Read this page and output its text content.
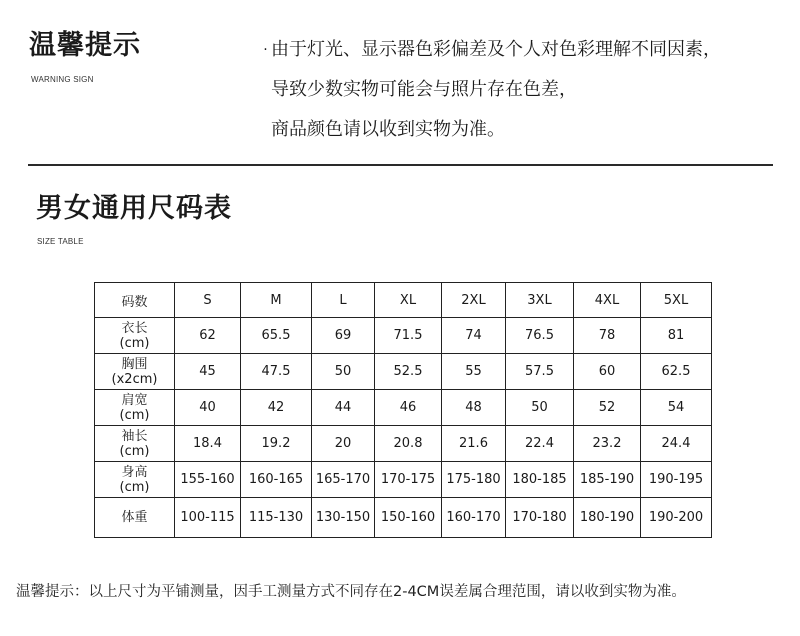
温馨提示
WARNING SIGN
· 由于灯光、显示器色彩偏差及个人对色彩理解不同因素，
导致少数实物可能会与照片存在色差，
商品颜色请以收到实物为准。
男女通用尺码表
SIZE TABLE
码数	S	M	L	XL	2XL	3XL	4XL	5XL

衣长
(cm)	62	65.5	69	71.5	74	76.5	78	81

胸围
(x2cm)	45	47.5	50	52.5	55	57.5	60	62.5

肩宽
(cm)	40	42	44	46	48	50	52	54

袖长
(cm)	18.4	19.2	20	20.8	21.6	22.4	23.2	24.4

身高
(cm)	155-160	160-165	165-170	170-175	175-180	180-185	185-190	190-195

体重	100-115	115-130	130-150	150-160	160-170	170-180	180-190	190-200
温馨提示：以上尺寸为平铺测量，因手工测量方式不同存在2-4CM误差属合理范围，请以收到实物为准。
